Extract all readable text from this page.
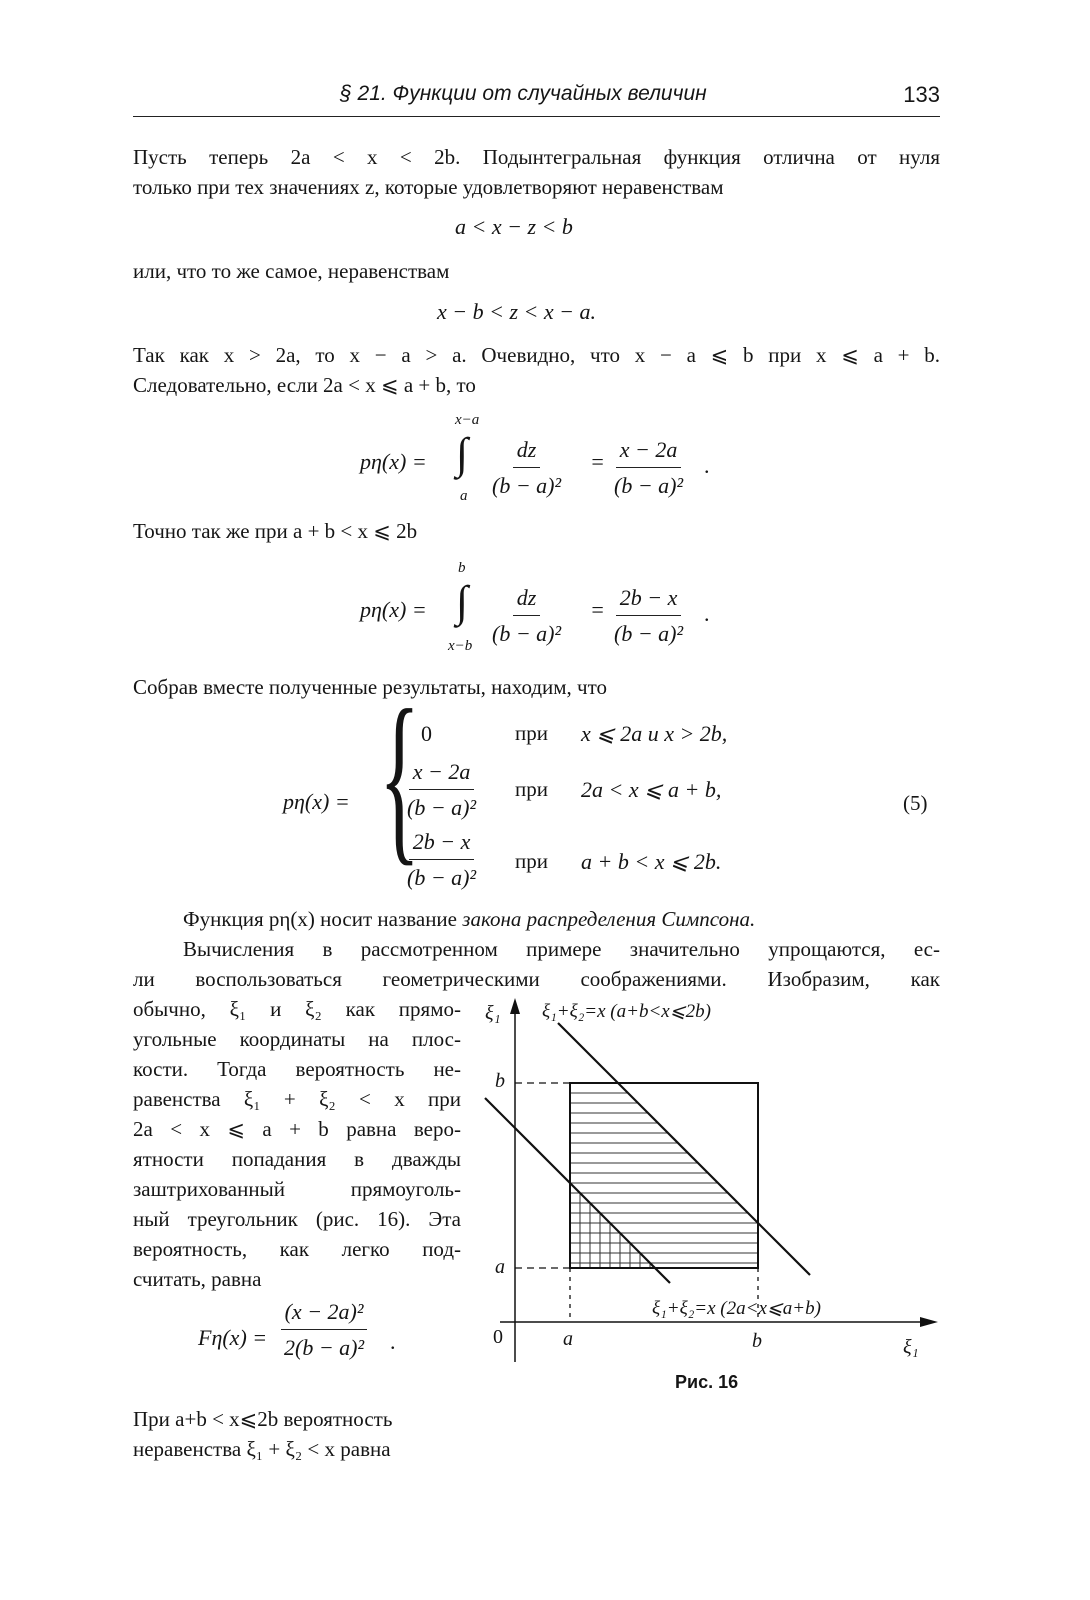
§ 21. Функции от случайных величин	133
Пусть теперь 2a < x < 2b. Подынтегральная функция отлична от нуля
только при тех значениях z, которые удовлетворяют неравенствам
a < x − z < b
или, что то же самое, неравенствам
x − b < z < x − a.
Так как x > 2a, то x − a > a. Очевидно, что x − a ⩽ b при x ⩽ a + b.
Следовательно, если 2a < x ⩽ a + b, то
pη(x) =
x−a
∫
a $\frac{dz}{\text{(b − a)²}} = \frac{x - 2a}{\text{(b − a)²}}$ .
Точно так же при a + b < x ⩽ 2b
pη(x) =
b
∫
$x-b \frac{dz}{\text{(b − a)²}} = \frac{2b - x}{\text{(b − a)²}}$ .
Собрав вместе полученные результаты, находим, что
pη(x) = { 0	при x ⩽ 2a и x > 2b,
$\frac{x - 2a}{\text{(b − a)²}}$ при 2a < x ⩽ a + b,
$\frac{2b - x}{\text{(b − a)²}}$ при a + b < x ⩽ 2b.
(5)
Функция pη(x) носит название закона распределения Симпсона.
Вычисления в рассмотренном примере значительно упрощаются, ес-
ли воспользоваться геометрическими соображениями. Изобразим, как
обычно, ξ₁ и ξ₂ как прямо-
угольные координаты на плос-
кости. Тогда вероятность не-
равенства ξ₁ + ξ₂ < x при
2a < x ⩽ a + b равна веро-
ятности попадания в дважды
заштрихованный прямоуголь-
ный треугольник (рис. 16). Эта
вероятность, как легко под-
считать, равна
$F\eta(x) = \frac{\text{(x − 2a)²}}{\text{2(b − a)²}}$ .
При a+b < x⩽2b вероятность
неравенства ξ₁ + ξ₂ < x равна
ξ₁ ξ₁+ξ₂=x (a+b<x⩽2b)
b
a
ξ₁+ξ₂=x (2a<x⩽a+b)
0	a	b	ξ₁
Рис. 16
